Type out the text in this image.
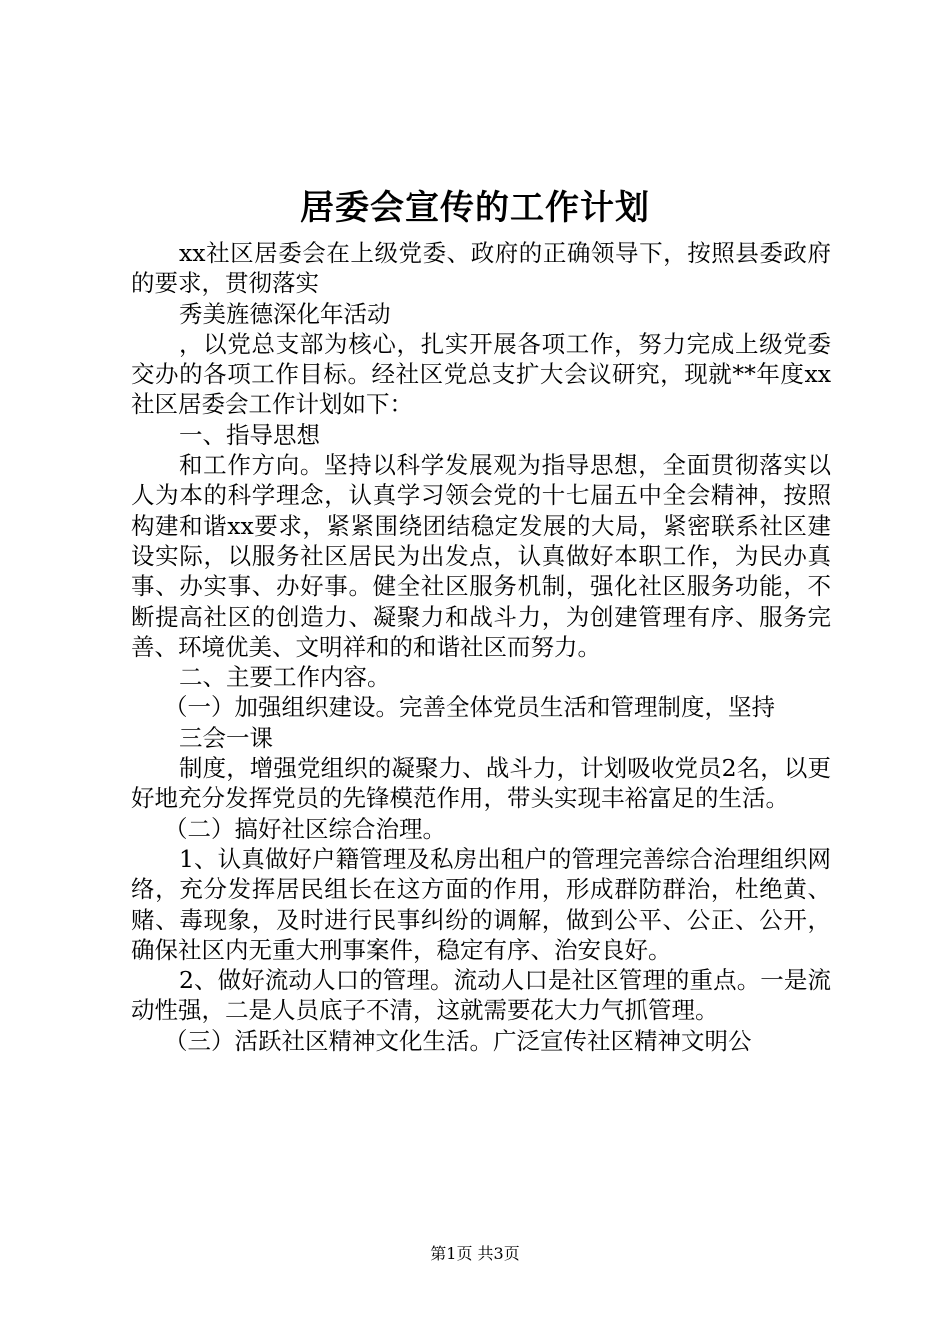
居委会宣传的工作计划

xx社区居委会在上级党委、政府的正确领导下，按照县委政府的要求，贯彻落实

秀美旌德深化年活动

，以党总支部为核心，扎实开展各项工作，努力完成上级党委交办的各项工作目标。经社区党总支扩大会议研究，现就**年度xx社区居委会工作计划如下：

一、指导思想

和工作方向。坚持以科学发展观为指导思想，全面贯彻落实以人为本的科学理念，认真学习领会党的十七届五中全会精神，按照构建和谐xx要求，紧紧围绕团结稳定发展的大局，紧密联系社区建设实际，以服务社区居民为出发点，认真做好本职工作，为民办真事、办实事、办好事。健全社区服务机制，强化社区服务功能，不断提高社区的创造力、凝聚力和战斗力，为创建管理有序、服务完善、环境优美、文明祥和的和谐社区而努力。

二、主要工作内容。

（一）加强组织建设。完善全体党员生活和管理制度，坚持

三会一课

制度，增强党组织的凝聚力、战斗力，计划吸收党员2名，以更好地充分发挥党员的先锋模范作用，带头实现丰裕富足的生活。

（二）搞好社区综合治理。

1、认真做好户籍管理及私房出租户的管理完善综合治理组织网络，充分发挥居民组长在这方面的作用，形成群防群治，杜绝黄、赌、毒现象，及时进行民事纠纷的调解，做到公平、公正、公开，确保社区内无重大刑事案件，稳定有序、治安良好。

2、做好流动人口的管理。流动人口是社区管理的重点。一是流动性强，二是人员底子不清，这就需要花大力气抓管理。

（三）活跃社区精神文化生活。广泛宣传社区精神文明公

第1页 共3页
